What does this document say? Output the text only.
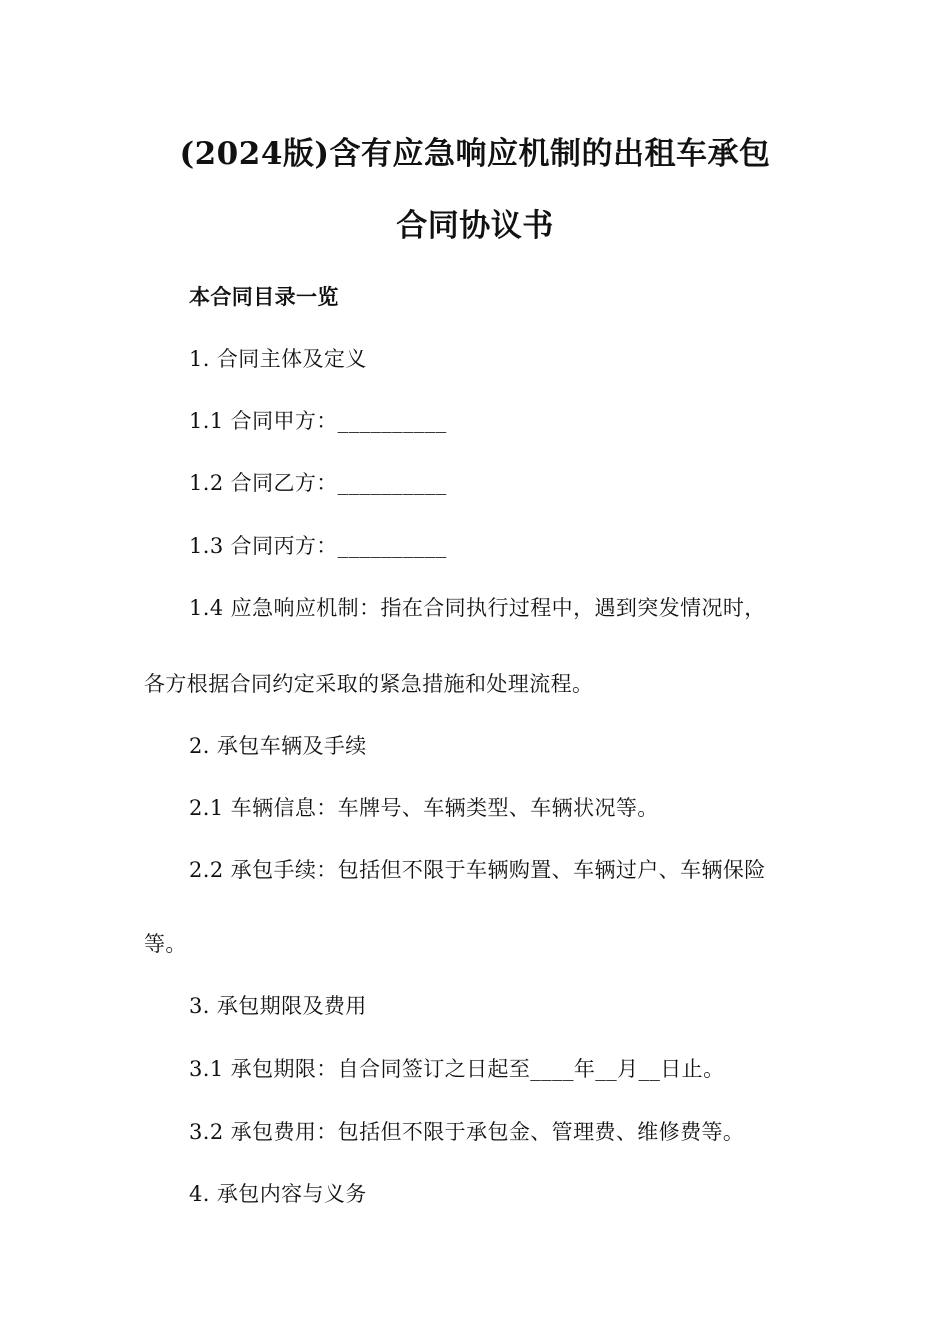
(2024版)含有应急响应机制的出租车承包
合同协议书
本合同目录一览
1. 合同主体及定义
1.1 合同甲方：__________
1.2 合同乙方：__________
1.3 合同丙方：__________
1.4 应急响应机制：指在合同执行过程中，遇到突发情况时，
各方根据合同约定采取的紧急措施和处理流程。
2. 承包车辆及手续
2.1 车辆信息：车牌号、车辆类型、车辆状况等。
2.2 承包手续：包括但不限于车辆购置、车辆过户、车辆保险
等。
3. 承包期限及费用
3.1 承包期限：自合同签订之日起至____年__月__日止。
3.2 承包费用：包括但不限于承包金、管理费、维修费等。
4. 承包内容与义务
